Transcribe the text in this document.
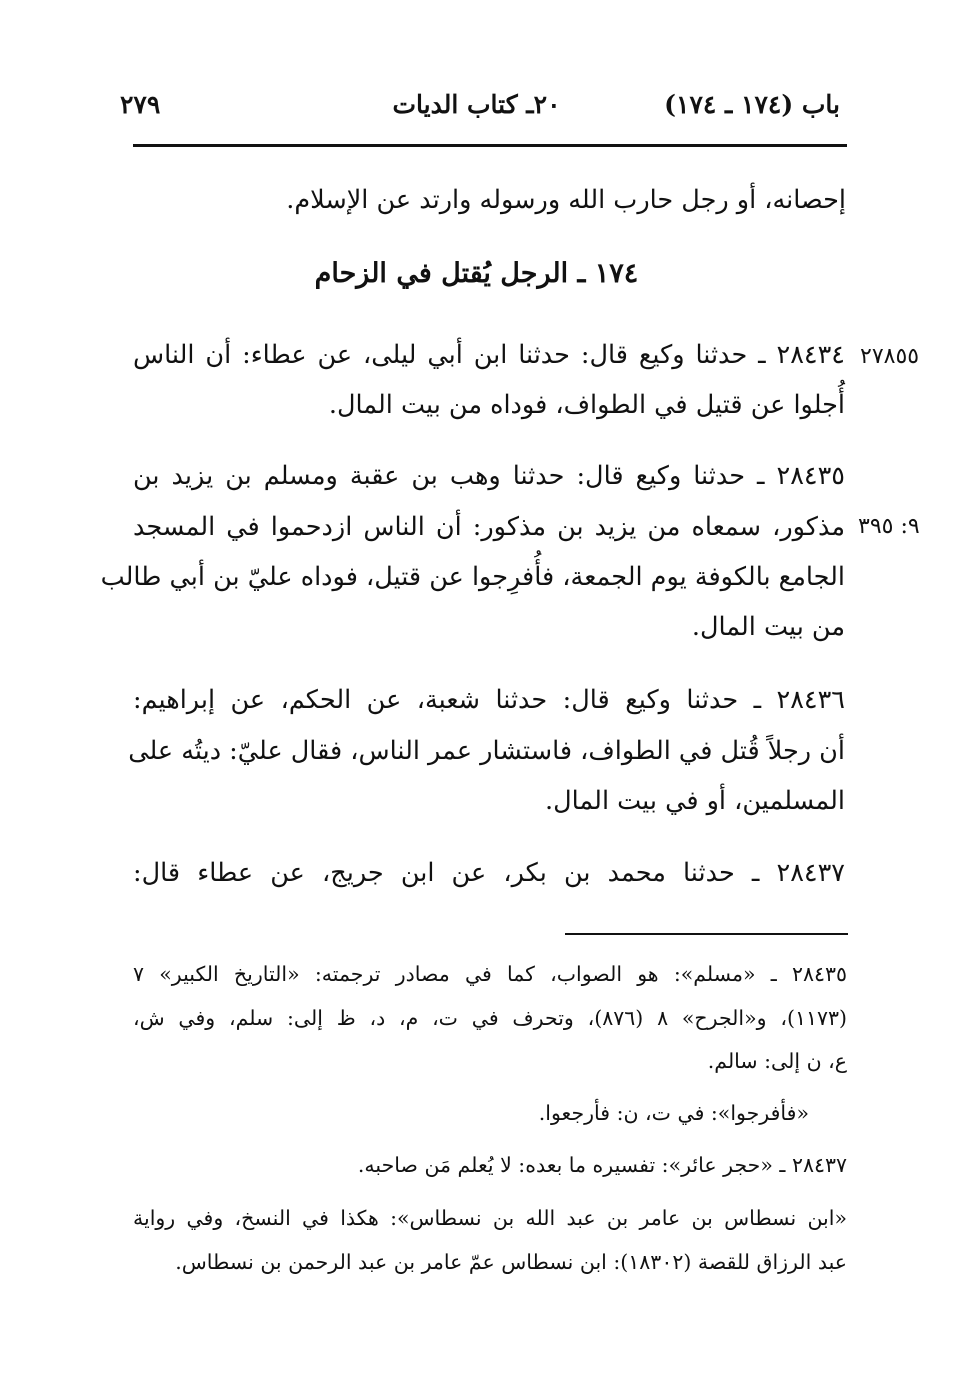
باب (١٧٤ ـ ١٧٤)
٢٠ـ كتاب الديات
٢٧٩
إحصانه، أو رجل حارب الله ورسوله وارتد عن الإسلام.
١٧٤ ـ الرجل يُقتل في الزحام
٢٧٨٥٥
٩: ٣٩٥
٢٨٤٣٤ ـ حدثنا وكيع قال: حدثنا ابن أبي ليلى، عن عطاء: أن الناس
أُجلوا عن قتيل في الطواف، فوداه من بيت المال.
٢٨٤٣٥ ـ حدثنا وكيع قال: حدثنا وهب بن عقبة ومسلم بن يزيد بن
مذكور، سمعاه من يزيد بن مذكور: أن الناس ازدحموا في المسجد
الجامع بالكوفة يوم الجمعة، فأُفرِجوا عن قتيل، فوداه عليّ بن أبي طالب
من بيت المال.
٢٨٤٣٦ ـ حدثنا وكيع قال: حدثنا شعبة، عن الحكم، عن إبراهيم:
أن رجلاً قُتل في الطواف، فاستشار عمر الناس، فقال عليّ: ديتُه على
المسلمين، أو في بيت المال.
٢٨٤٣٧ ـ حدثنا محمد بن بكر، عن ابن جريج، عن عطاء قال:
٢٨٤٣٥ ـ «مسلم»: هو الصواب، كما في مصادر ترجمته: «التاريخ الكبير» ٧
(١١٧٣)، و«الجرح» ٨ (٨٧٦)، وتحرف في ت، م، د، ظ إلى: سلم، وفي ش،
ع، ن إلى: سالم.
«فأفرجوا»: في ت، ن: فأرجعوا.
٢٨٤٣٧ ـ «حجر عائر»: تفسيره ما بعده: لا يُعلم مَن صاحبه.
«ابن نسطاس بن عامر بن عبد الله بن نسطاس»: هكذا في النسخ، وفي رواية
عبد الرزاق للقصة (١٨٣٠٢): ابن نسطاس عمّ عامر بن عبد الرحمن بن نسطاس.
